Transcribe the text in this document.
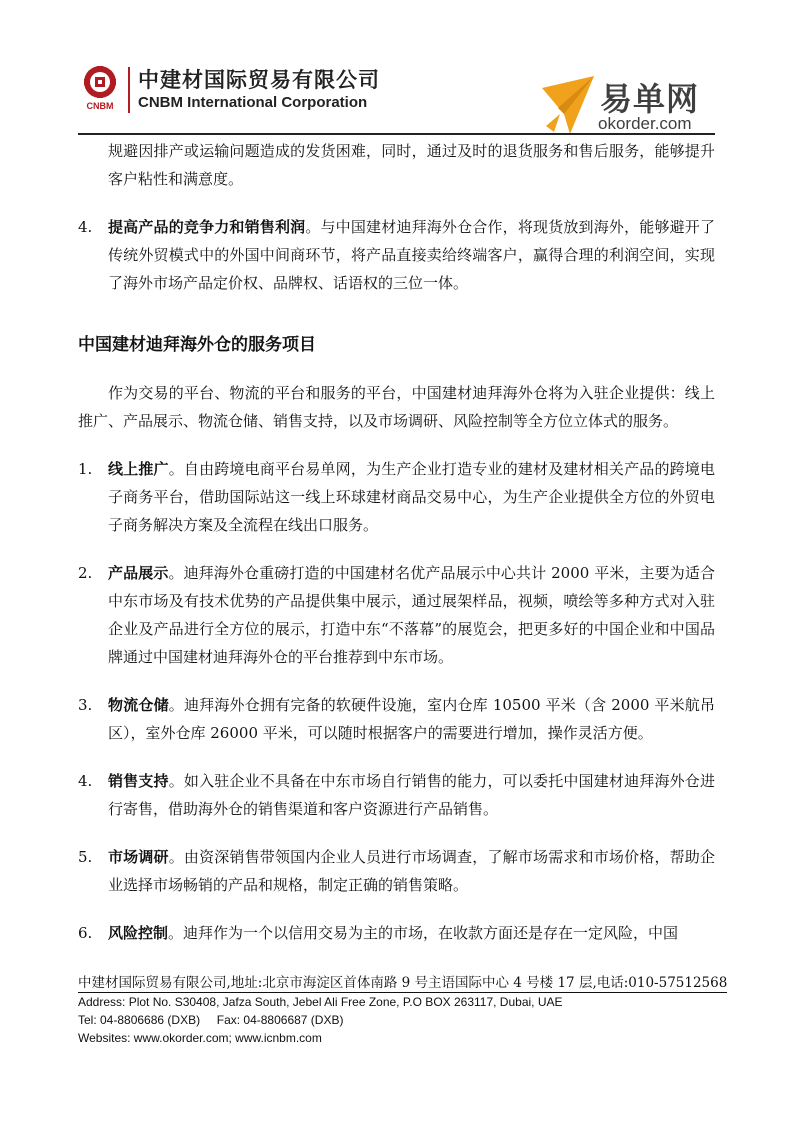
CNBM
中建材国际贸易有限公司
CNBM International Corporation	易单网
okorder.com

规避因排产或运输问题造成的发货困难，同时，通过及时的退货服务和售后服务，能够提升客户粘性和满意度。

4.	提高产品的竞争力和销售利润。与中国建材迪拜海外仓合作，将现货放到海外，能够避开了传统外贸模式中的外国中间商环节，将产品直接卖给终端客户，赢得合理的利润空间，实现了海外市场产品定价权、品牌权、话语权的三位一体。
中国建材迪拜海外仓的服务项目

作为交易的平台、物流的平台和服务的平台，中国建材迪拜海外仓将为入驻企业提供：线上推广、产品展示、物流仓储、销售支持，以及市场调研、风险控制等全方位立体式的服务。

1.	线上推广。自由跨境电商平台易单网，为生产企业打造专业的建材及建材相关产品的跨境电子商务平台，借助国际站这一线上环球建材商品交易中心，为生产企业提供全方位的外贸电子商务解决方案及全流程在线出口服务。
2.	产品展示。迪拜海外仓重磅打造的中国建材名优产品展示中心共计 2000 平米，主要为适合中东市场及有技术优势的产品提供集中展示，通过展架样品，视频，喷绘等多种方式对入驻企业及产品进行全方位的展示，打造中东“不落幕”的展览会，把更多好的中国企业和中国品牌通过中国建材迪拜海外仓的平台推荐到中东市场。
3.	物流仓储。迪拜海外仓拥有完备的软硬件设施，室内仓库 10500 平米（含 2000 平米航吊区），室外仓库 26000 平米，可以随时根据客户的需要进行增加，操作灵活方便。
4.	销售支持。如入驻企业不具备在中东市场自行销售的能力，可以委托中国建材迪拜海外仓进行寄售，借助海外仓的销售渠道和客户资源进行产品销售。
5.	市场调研。由资深销售带领国内企业人员进行市场调查，了解市场需求和市场价格，帮助企业选择市场畅销的产品和规格，制定正确的销售策略。
6.	风险控制。迪拜作为一个以信用交易为主的市场，在收款方面还是存在一定风险，中国
中建材国际贸易有限公司,地址:北京市海淀区首体南路 9 号主语国际中心 4 号楼 17 层,电话:010-57512568
Address: Plot No. S30408, Jafza South, Jebel Ali Free Zone, P.O BOX 263117, Dubai, UAE
Tel: 04-8806686 (DXB)     Fax: 04-8806687 (DXB)
Websites: www.okorder.com; www.icnbm.com
